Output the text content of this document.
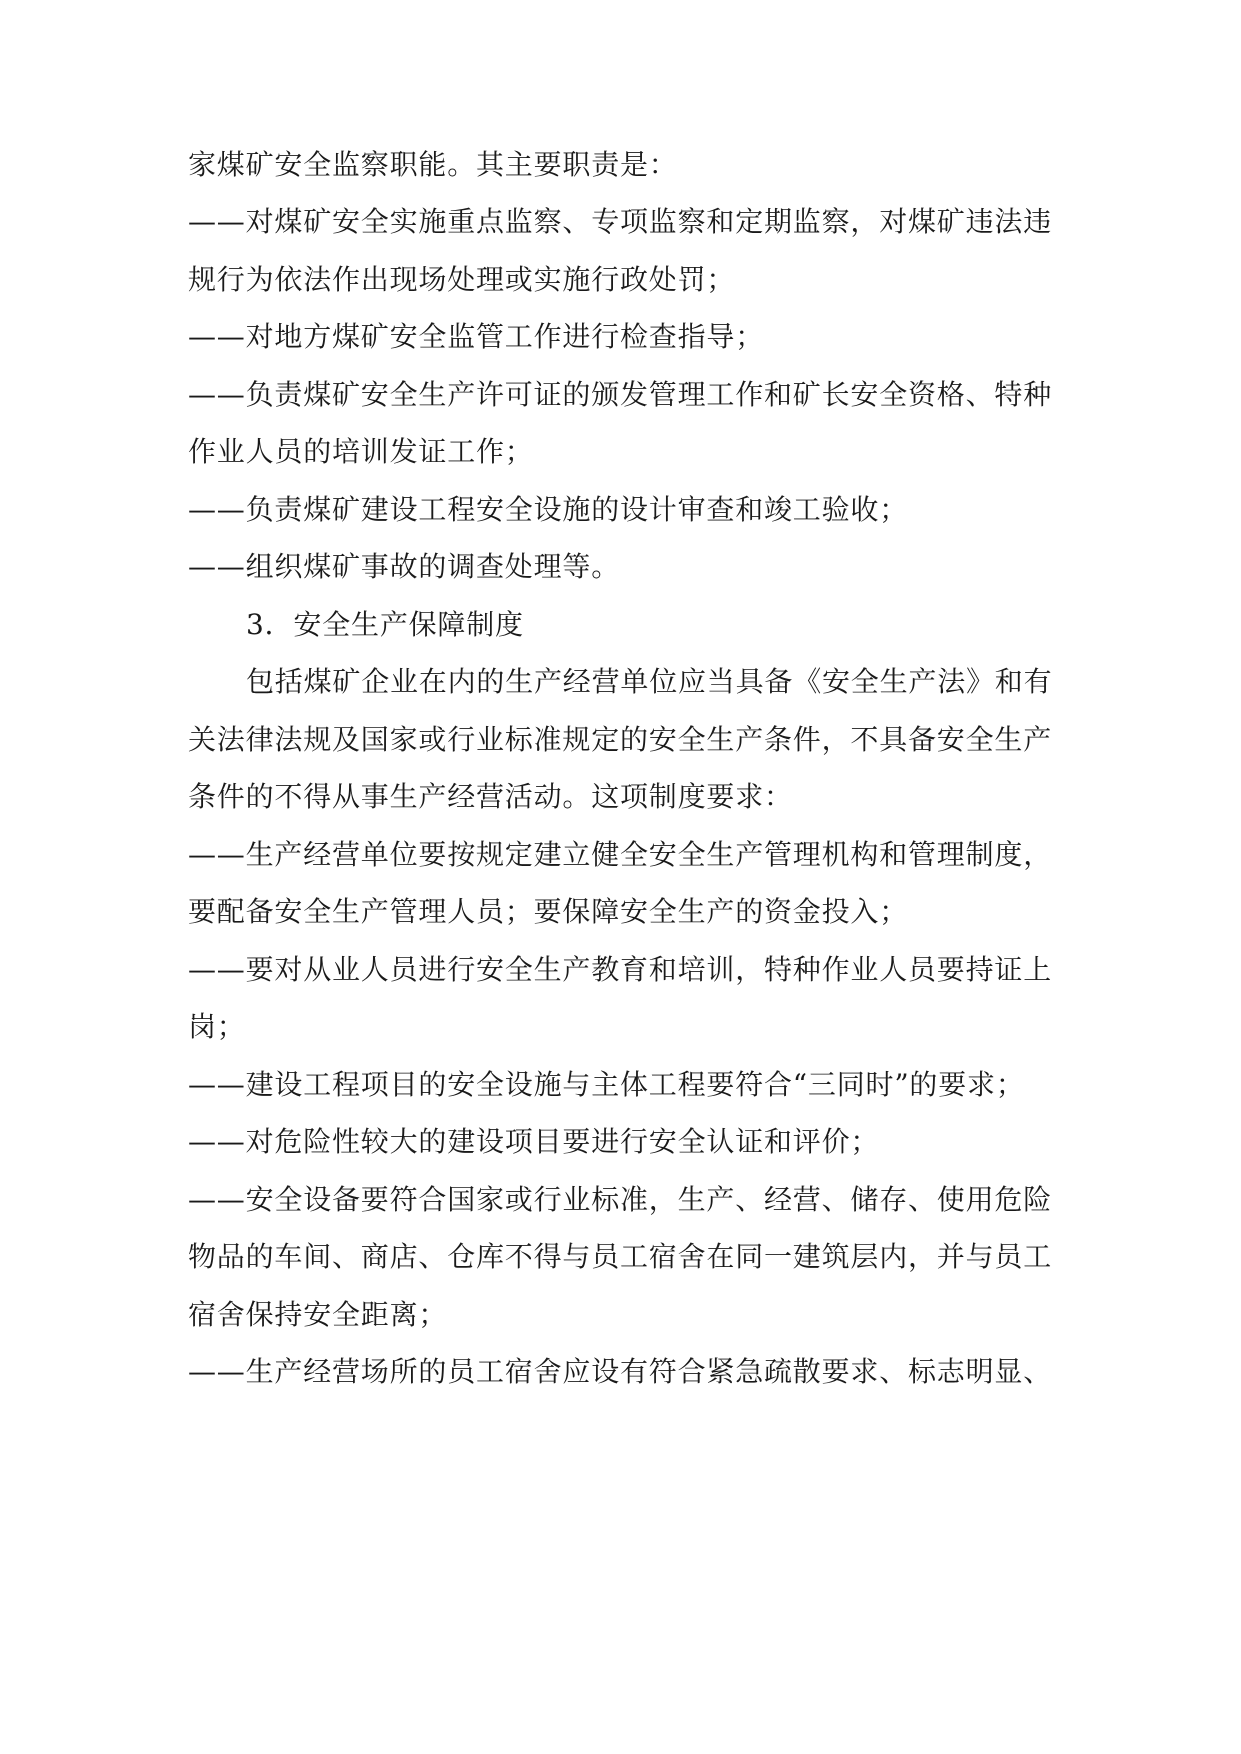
家煤矿安全监察职能。其主要职责是：
——对煤矿安全实施重点监察、专项监察和定期监察，对煤矿违法违
规行为依法作出现场处理或实施行政处罚；
——对地方煤矿安全监管工作进行检查指导；
——负责煤矿安全生产许可证的颁发管理工作和矿长安全资格、特种
作业人员的培训发证工作；
——负责煤矿建设工程安全设施的设计审查和竣工验收；
——组织煤矿事故的调查处理等。
3．安全生产保障制度
包括煤矿企业在内的生产经营单位应当具备《安全生产法》和有
关法律法规及国家或行业标准规定的安全生产条件，不具备安全生产
条件的不得从事生产经营活动。这项制度要求：
——生产经营单位要按规定建立健全安全生产管理机构和管理制度，
要配备安全生产管理人员；要保障安全生产的资金投入；
——要对从业人员进行安全生产教育和培训，特种作业人员要持证上
岗；
——建设工程项目的安全设施与主体工程要符合“三同时”的要求；
——对危险性较大的建设项目要进行安全认证和评价；
——安全设备要符合国家或行业标准，生产、经营、储存、使用危险
物品的车间、商店、仓库不得与员工宿舍在同一建筑层内，并与员工
宿舍保持安全距离；
——生产经营场所的员工宿舍应设有符合紧急疏散要求、标志明显、
